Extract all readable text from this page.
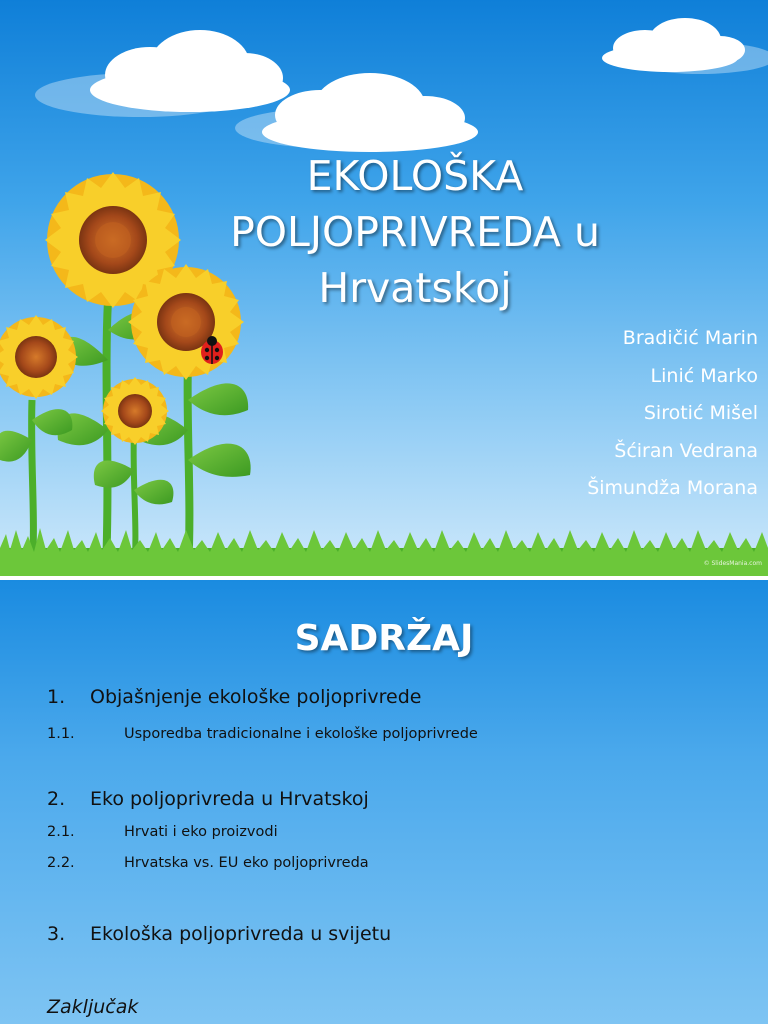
EKOLOŠKA
POLJOPRIVREDA u
Hrvatskoj
Bradičić Marin
Linić Marko
Sirotić Mišel
Šćiran Vedrana
Šimundža Morana
© SlidesMania.com
SADRŽAJ
1. Objašnjenje ekološke poljoprivrede
1.1.	Usporedba tradicionalne i ekološke poljoprivrede
2. Eko poljoprivreda u Hrvatskoj
2.1.	Hrvati i eko proizvodi
2.2.	Hrvatska vs. EU eko poljoprivreda
3. Ekološka poljoprivreda u svijetu
Zaključak
